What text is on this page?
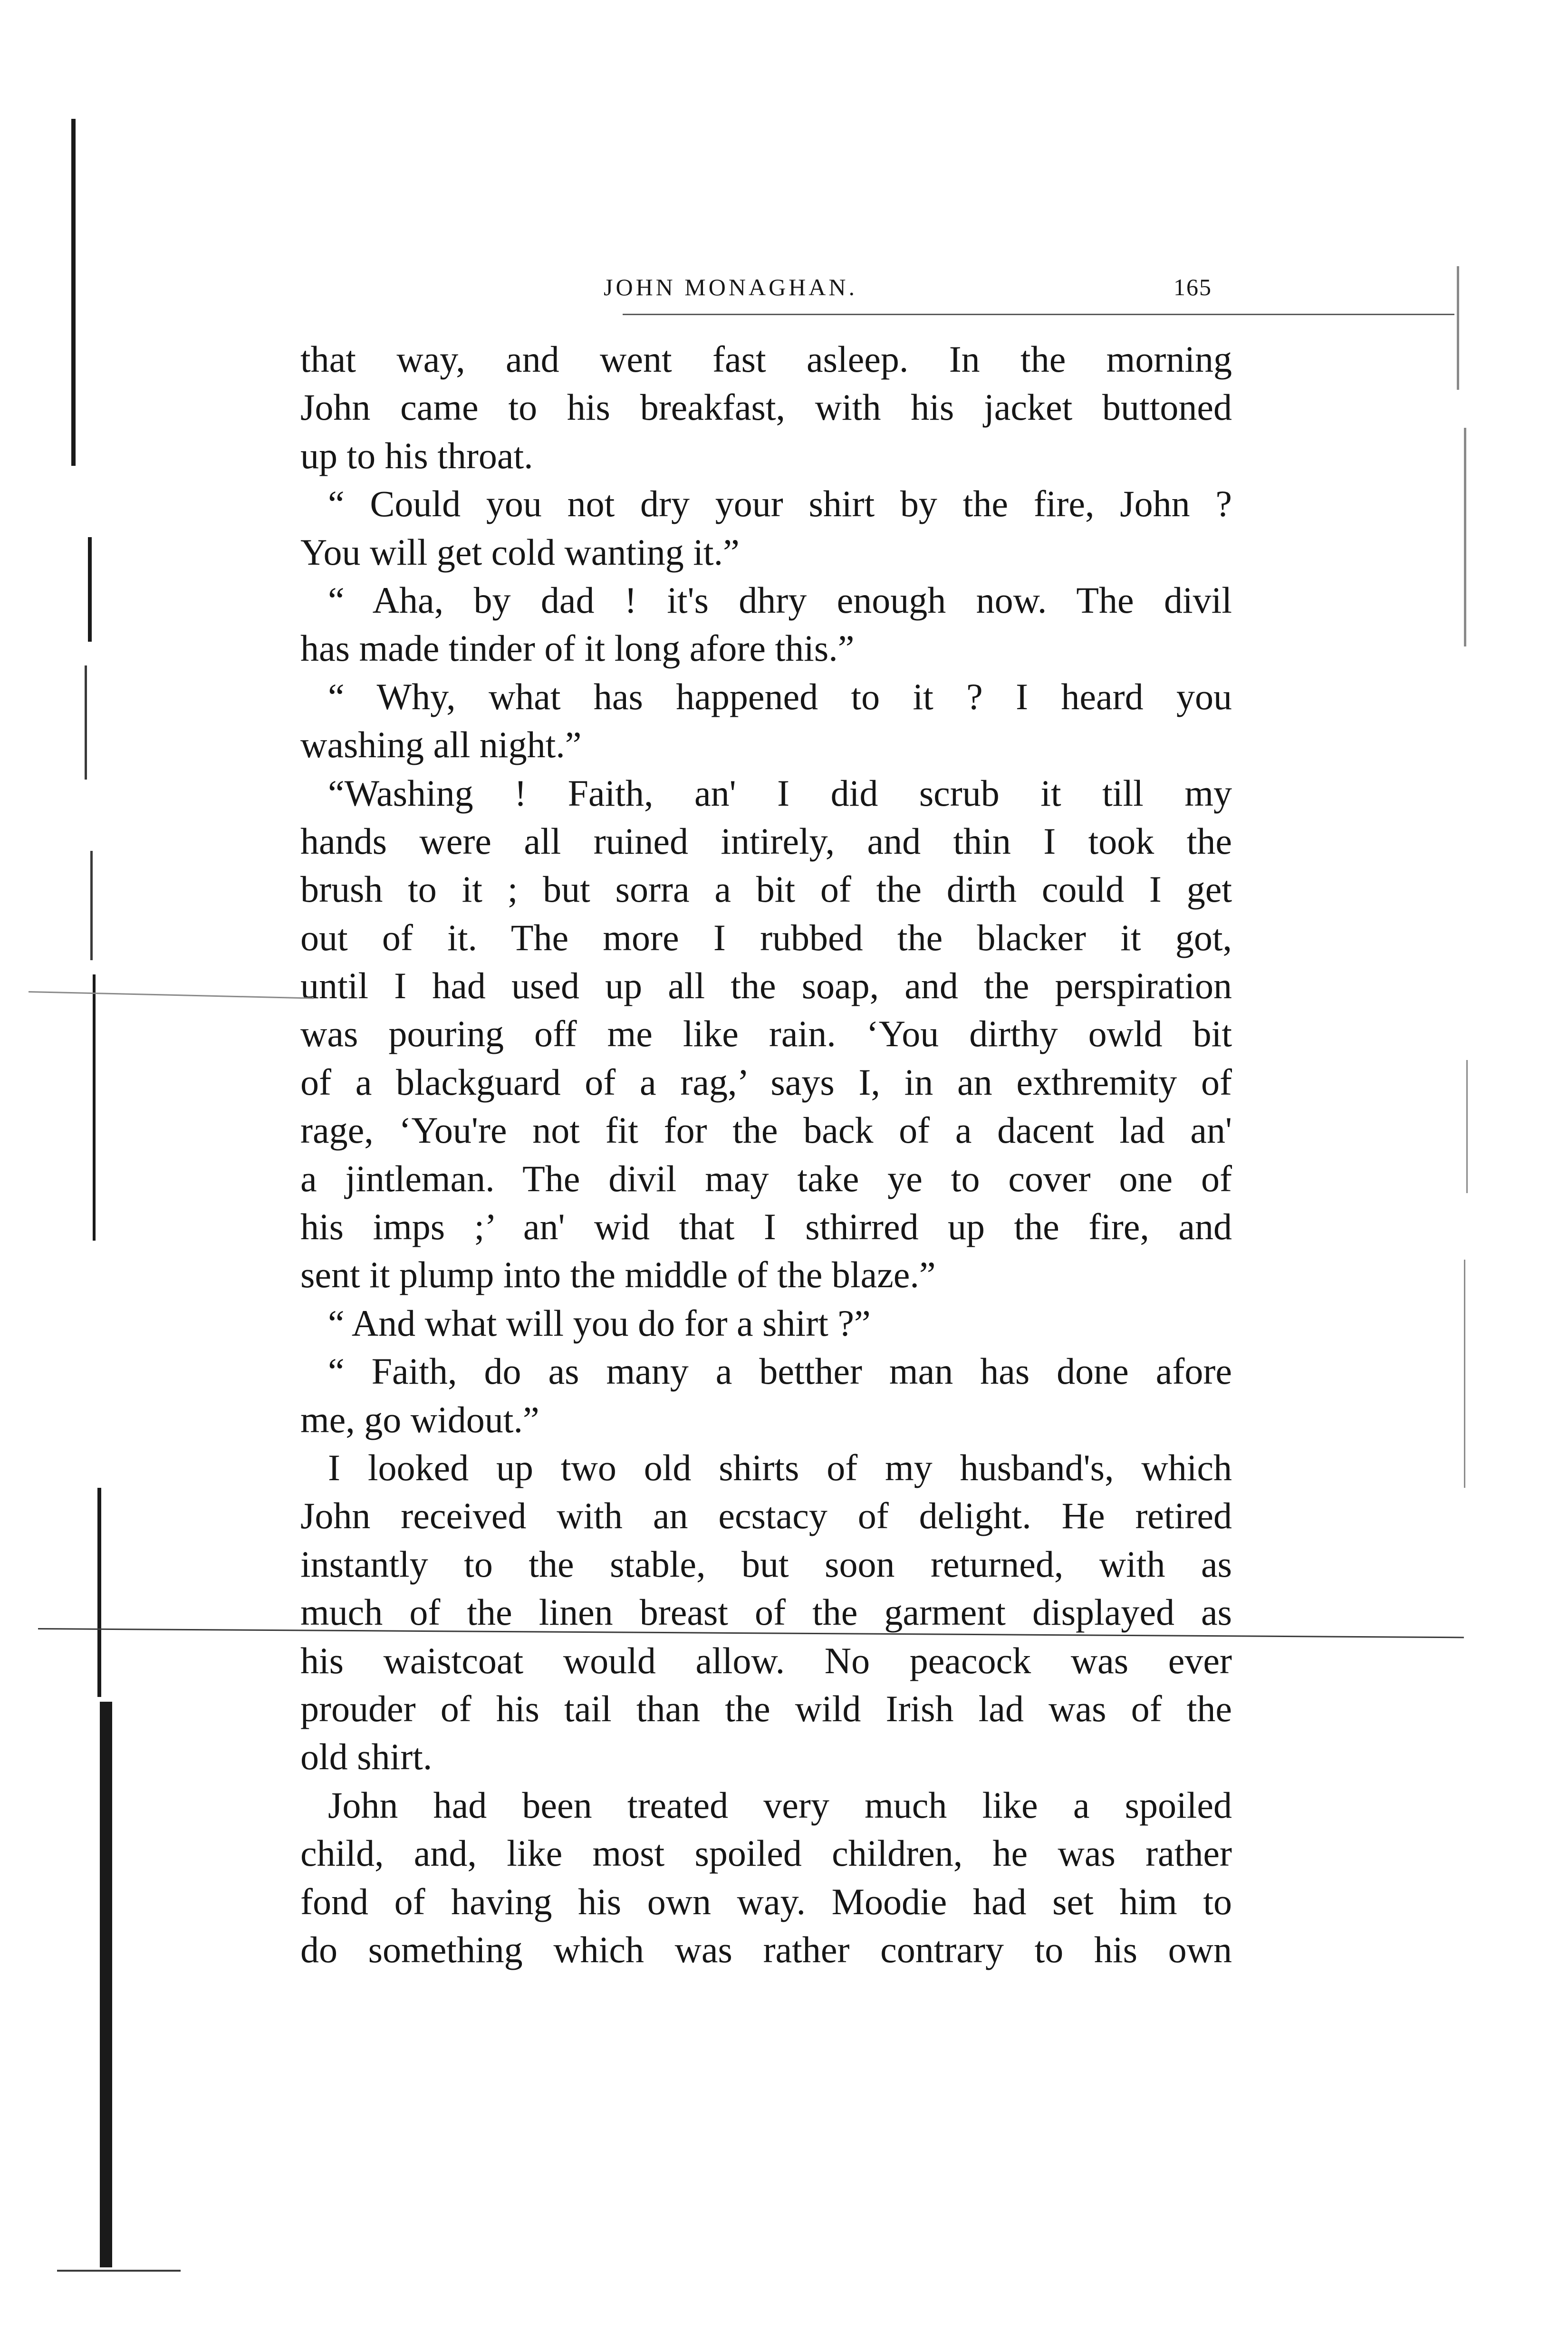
JOHN MONAGHAN.	165
that way, and went fast asleep. In the morning
John came to his breakfast, with his jacket buttoned
up to his throat.
“ Could you not dry your shirt by the fire, John ?
You will get cold wanting it.”
“ Aha, by dad ! it's dhry enough now. The divil
has made tinder of it long afore this.”
“ Why, what has happened to it ? I heard you
washing all night.”
“Washing ! Faith, an' I did scrub it till my
hands were all ruined intirely, and thin I took the
brush to it ; but sorra a bit of the dirth could I get
out of it. The more I rubbed the blacker it got,
until I had used up all the soap, and the perspiration
was pouring off me like rain. ‘You dirthy owld bit
of a blackguard of a rag,’ says I, in an exthremity of
rage, ‘You're not fit for the back of a dacent lad an'
a jintleman. The divil may take ye to cover one of
his imps ;’ an' wid that I sthirred up the fire, and
sent it plump into the middle of the blaze.”
“ And what will you do for a shirt ?”
“ Faith, do as many a betther man has done afore
me, go widout.”
I looked up two old shirts of my husband's, which
John received with an ecstacy of delight. He retired
instantly to the stable, but soon returned, with as
much of the linen breast of the garment displayed as
his waistcoat would allow. No peacock was ever
prouder of his tail than the wild Irish lad was of the
old shirt.
John had been treated very much like a spoiled
child, and, like most spoiled children, he was rather
fond of having his own way. Moodie had set him to
do something which was rather contrary to his own
